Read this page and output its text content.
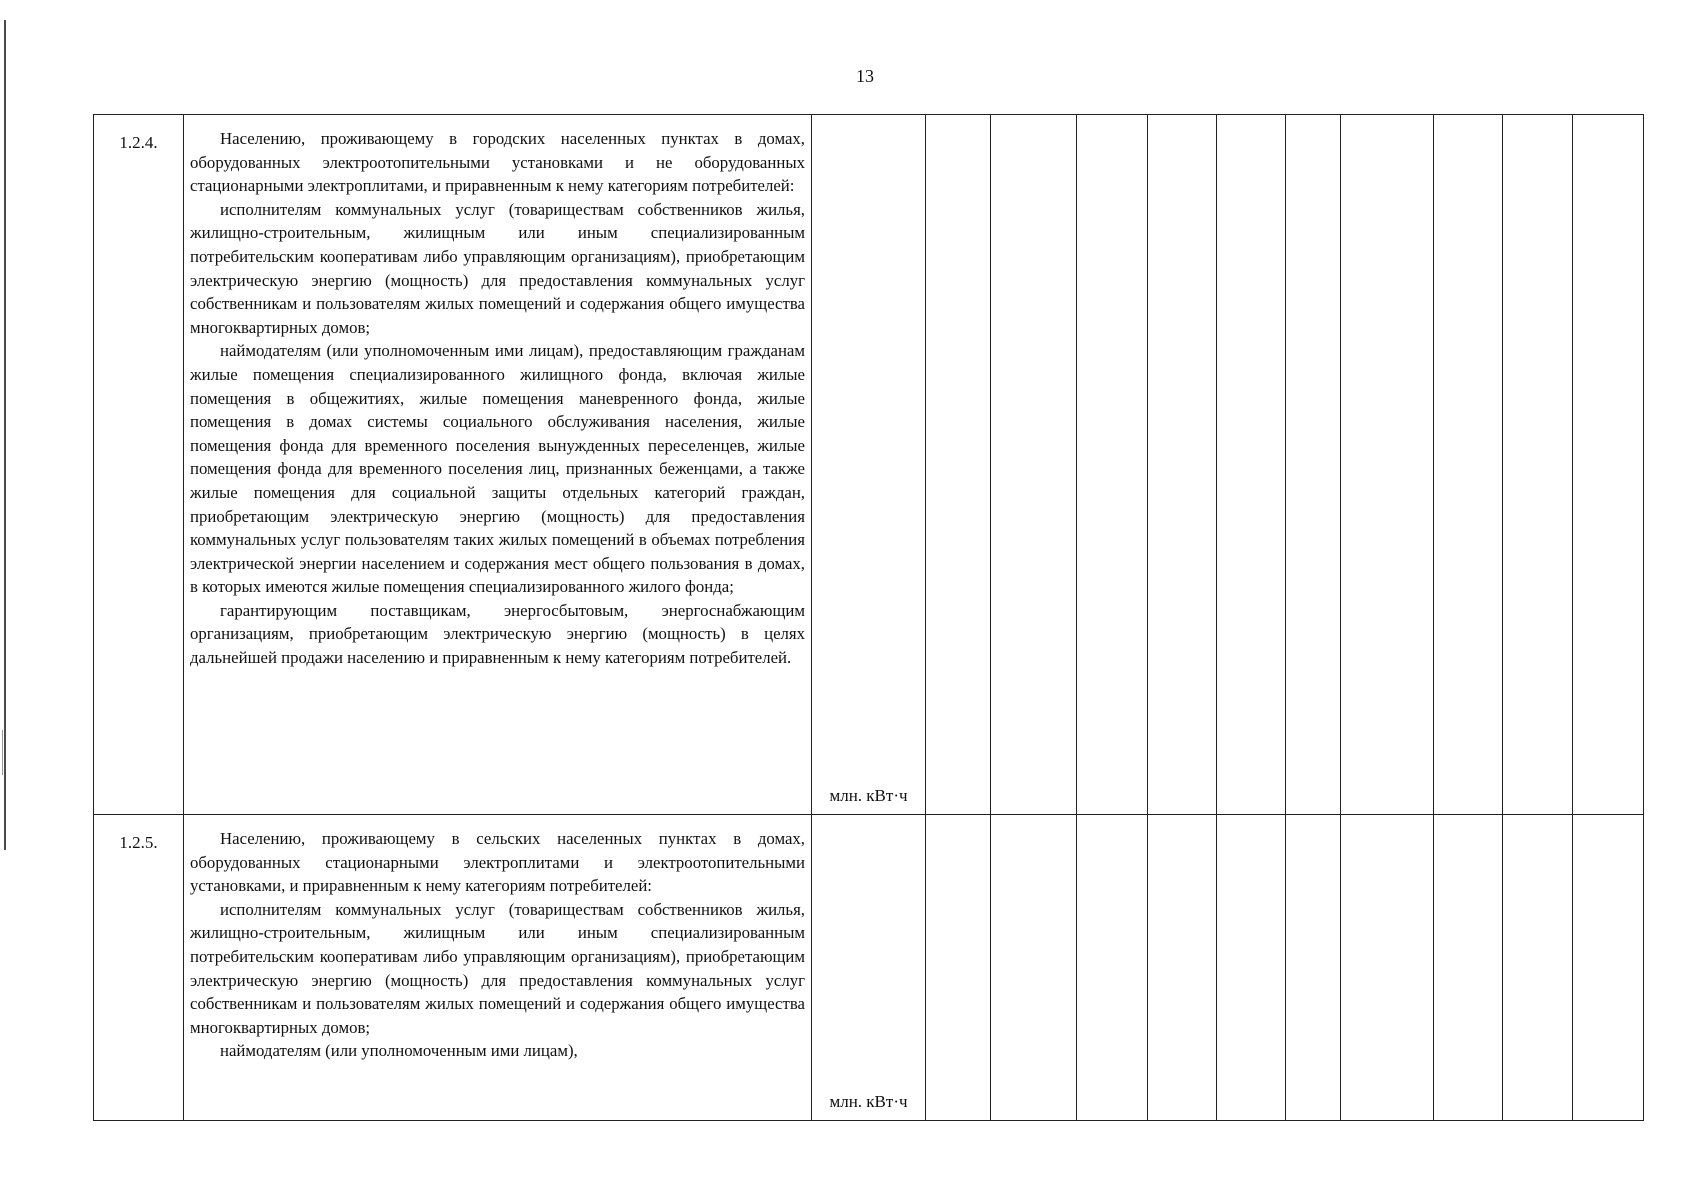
13
1.2.4.	Населению, проживающему в городских населенных пунктах в домах, оборудованных электроотопительными установками и не оборудованных стационарными электроплитами, и приравненным к нему категориям потребителей:

исполнителям коммунальных услуг (товариществам собственников жилья, жилищно-строительным, жилищным или иным специализированным потребительским кооперативам либо управляющим организациям), приобретающим электрическую энергию (мощность) для предоставления коммунальных услуг собственникам и пользователям жилых помещений и содержания общего имущества многоквартирных домов;

наймодателям (или уполномоченным ими лицам), предоставляющим гражданам жилые помещения специализированного жилищного фонда, включая жилые помещения в общежитиях, жилые помещения маневренного фонда, жилые помещения в домах системы социального обслуживания населения, жилые помещения фонда для временного поселения вынужденных переселенцев, жилые помещения фонда для временного поселения лиц, признанных беженцами, а также жилые помещения для социальной защиты отдельных категорий граждан, приобретающим электрическую энергию (мощность) для предоставления коммунальных услуг пользователям таких жилых помещений в объемах потребления электрической энергии населением и содержания мест общего пользования в домах, в которых имеются жилые помещения специализированного жилого фонда;

гарантирующим поставщикам, энергосбытовым, энергоснабжающим организациям, приобретающим электрическую энергию (мощность) в целях дальнейшей продажи населению и приравненным к нему категориям потребителей.	млн. кВт·ч										
1.2.5.	Населению, проживающему в сельских населенных пунктах в домах, оборудованных стационарными электроплитами и электроотопительными установками, и приравненным к нему категориям потребителей:

исполнителям коммунальных услуг (товариществам собственников жилья, жилищно-строительным, жилищным или иным специализированным потребительским кооперативам либо управляющим организациям), приобретающим электрическую энергию (мощность) для предоставления коммунальных услуг собственникам и пользователям жилых помещений и содержания общего имущества многоквартирных домов;

наймодателям (или уполномоченным ими лицам),	млн. кВт·ч										
